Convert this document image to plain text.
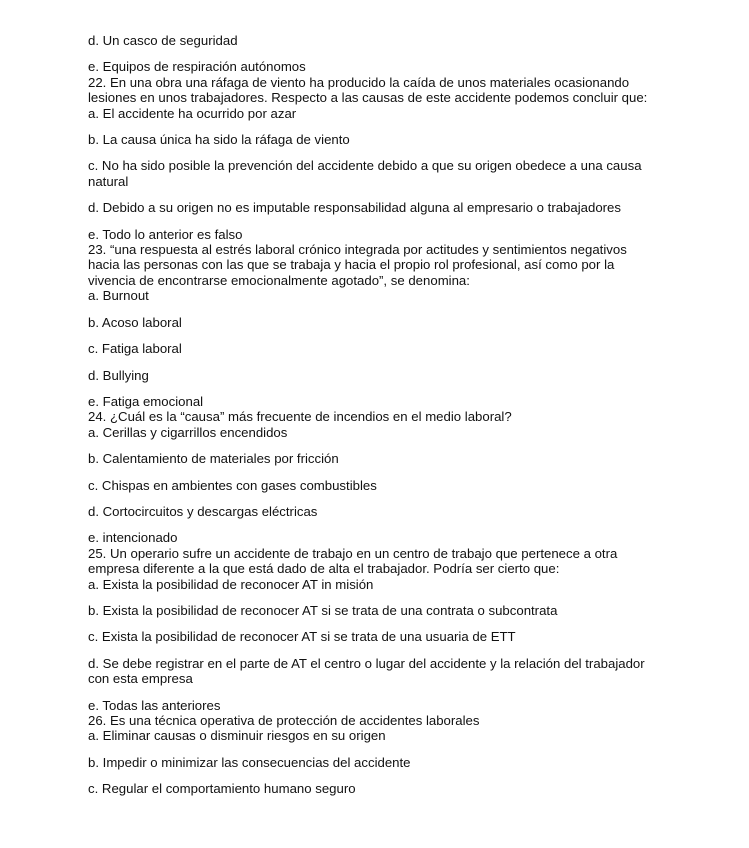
d. Un casco de seguridad
e. Equipos de respiración autónomos
22. En una obra una ráfaga de viento ha producido la caída de unos materiales ocasionando lesiones en unos trabajadores. Respecto a las causas de este accidente podemos concluir que:
a. El accidente ha ocurrido por azar
b. La causa única ha sido la ráfaga de viento
c. No ha sido posible la prevención del accidente debido a que su origen obedece a una causa natural
d. Debido a su origen no es imputable responsabilidad alguna al empresario o trabajadores
e. Todo lo anterior es falso
23. “una respuesta al estrés laboral crónico integrada por actitudes y sentimientos negativos hacia las personas con las que se trabaja y hacia el propio rol profesional, así como por la vivencia de encontrarse emocionalmente agotado”, se denomina:
a. Burnout
b. Acoso laboral
c. Fatiga laboral
d. Bullying
e. Fatiga emocional
24. ¿Cuál es la “causa” más frecuente de incendios en el medio laboral?
a. Cerillas y cigarrillos encendidos
b. Calentamiento de materiales por fricción
c. Chispas en ambientes con gases combustibles
d. Cortocircuitos y descargas eléctricas
e. intencionado
25. Un operario sufre un accidente de trabajo en un centro de trabajo que pertenece a otra empresa diferente a la que está dado de alta el trabajador. Podría ser cierto que:
a. Exista la posibilidad de reconocer AT in misión
b. Exista la posibilidad de reconocer AT si se trata de una contrata o subcontrata
c. Exista la posibilidad de reconocer AT si se trata de una usuaria de ETT
d. Se debe registrar en el parte de AT el centro o lugar del accidente y la relación del trabajador con esta empresa
e. Todas las anteriores
26. Es una técnica operativa de protección de accidentes laborales
a. Eliminar causas o disminuir riesgos en su origen
b. Impedir o minimizar las consecuencias del accidente
c. Regular el comportamiento humano seguro
